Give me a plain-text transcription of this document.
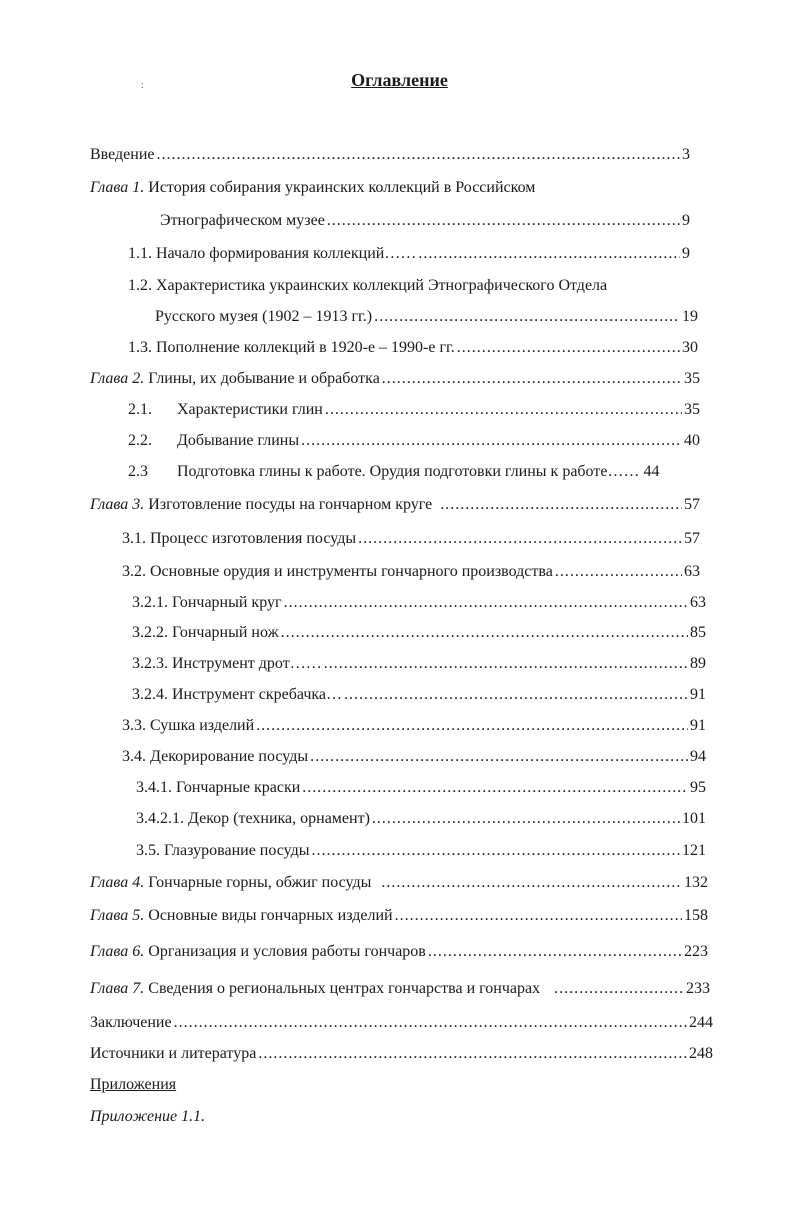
Оглавление
:
Введение .....	3
Глава 1. История собирания украинских коллекций в Российском
Этнографическом музее .....	9
1.1. Начало формирования коллекций…… .....	9
1.2. Характеристика украинских коллекций Этнографического Отдела
Русского музея (1902 – 1913 гг.) .....	19
1.3. Пополнение коллекций в 1920-е – 1990-е гг. .....	30
Глава 2. Глины, их добывание и обработка .....	35
2.1. Характеристики глин .....	35
2.2. Добывание глины .....	40
2.3 Подготовка глины к работе. Орудия подготовки глины к работе…… 44
Глава 3. Изготовление посуды на гончарном круге .....	57
3.1. Процесс изготовления посуды .....	57
3.2. Основные орудия и инструменты гончарного производства .....	63
3.2.1. Гончарный круг .....	63
3.2.2. Гончарный нож .....	85
3.2.3. Инструмент дрот…… .....	89
3.2.4. Инструмент скребачка… .....	91
3.3. Сушка изделий .....	91
3.4. Декорирование посуды .....	94
3.4.1. Гончарные краски .....	95
3.4.2.1. Декор (техника, орнамент) .....	101
3.5. Глазурование посуды .....	121
Глава 4. Гончарные горны, обжиг посуды .....	132
Глава 5. Основные виды гончарных изделий .....	158
Глава 6. Организация и условия работы гончаров .....	223
Глава 7. Сведения о региональных центрах гончарства и гончарах .....	233
Заключение .....	244
Источники и литература .....	248
Приложения
Приложение 1.1.
